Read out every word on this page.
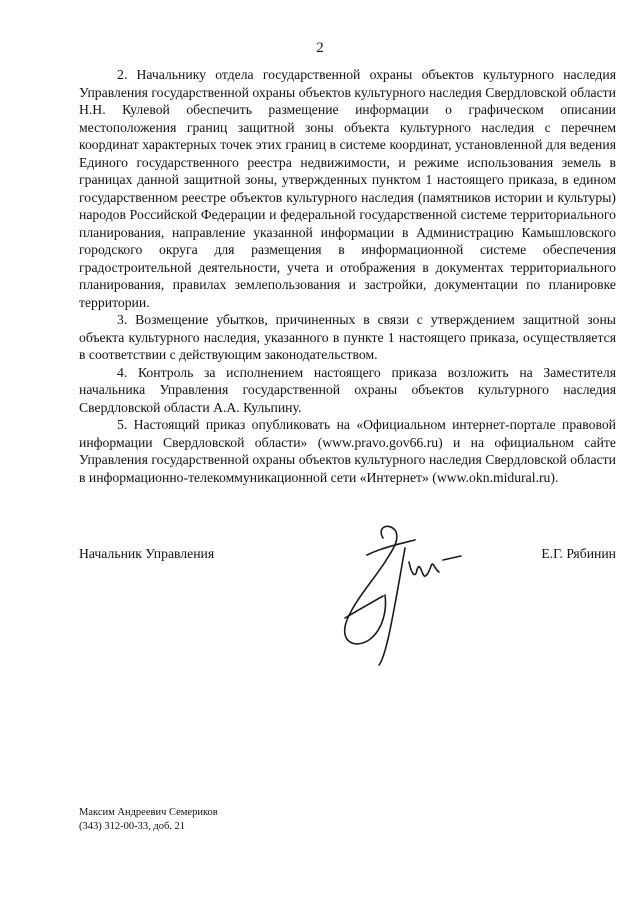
2

2. Начальнику отдела государственной охраны объектов культурного наследия Управления государственной охраны объектов культурного наследия Свердловской области Н.Н. Кулевой обеспечить размещение информации о графическом описании местоположения границ защитной зоны объекта культурного наследия с перечнем координат характерных точек этих границ в системе координат, установленной для ведения Единого государственного реестра недвижимости, и режиме использования земель в границах данной защитной зоны, утвержденных пунктом 1 настоящего приказа, в едином государственном реестре объектов культурного наследия (памятников истории и культуры) народов Российской Федерации и федеральной государственной системе территориального планирования, направление указанной информации в Администрацию Камышловского городского округа для размещения в информационной системе обеспечения градостроительной деятельности, учета и отображения в документах территориального планирования, правилах землепользования и застройки, документации по планировке территории.

3. Возмещение убытков, причиненных в связи с утверждением защитной зоны объекта культурного наследия, указанного в пункте 1 настоящего приказа, осуществляется в соответствии с действующим законодательством.

4. Контроль за исполнением настоящего приказа возложить на Заместителя начальника Управления государственной охраны объектов культурного наследия Свердловской области А.А. Кульпину.

5. Настоящий приказ опубликовать на «Официальном интернет-портале правовой информации Свердловской области» (www.pravo.gov66.ru) и на официальном сайте Управления государственной охраны объектов культурного наследия Свердловской области в информационно-телекоммуникационной сети «Интернет» (www.okn.midural.ru).

Начальник Управления	Е.Г. Рябинин
Максим Андреевич Семериков
(343) 312-00-33, доб. 21
